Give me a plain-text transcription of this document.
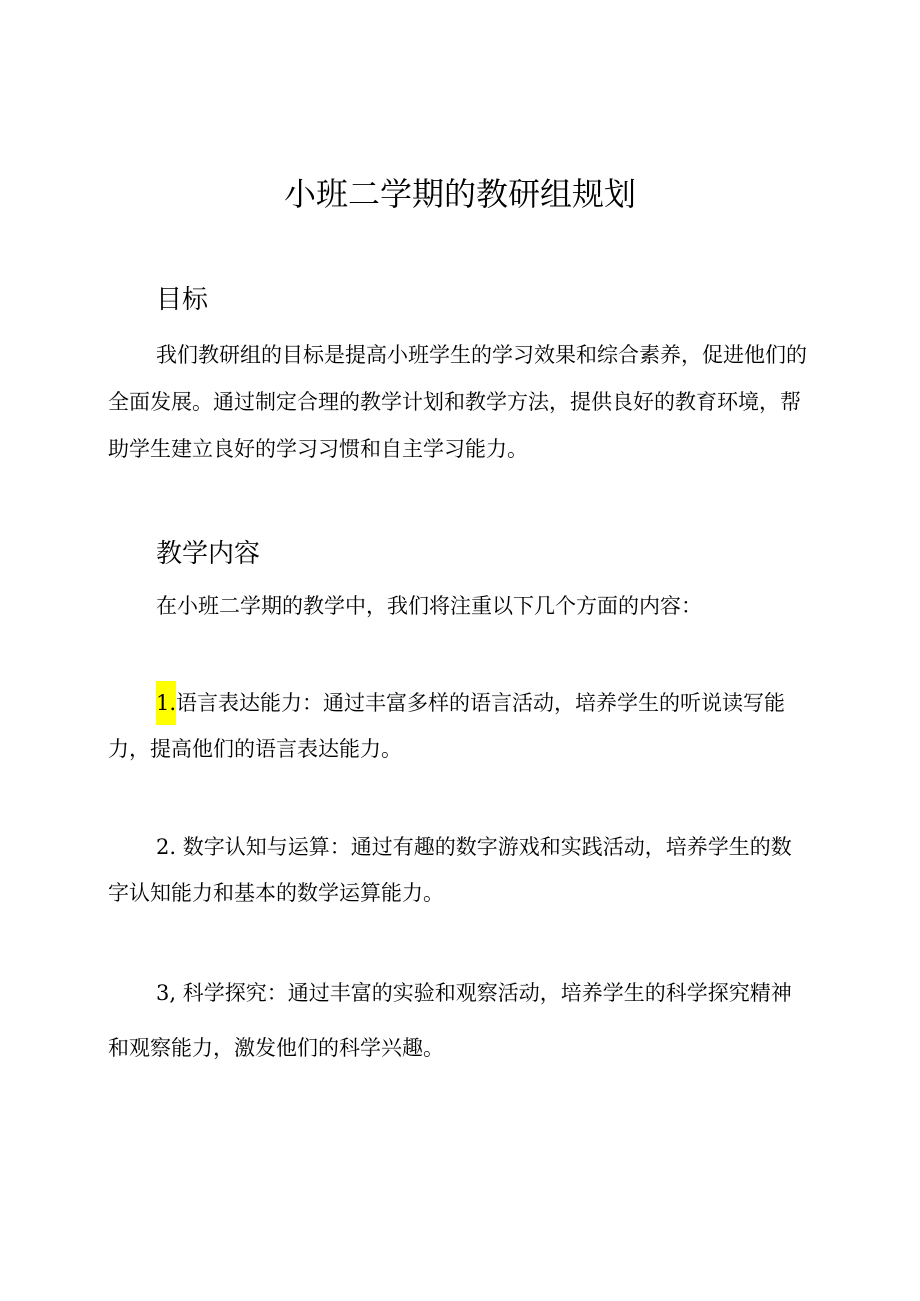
小班二学期的教研组规划
目标

我们教研组的目标是提高小班学生的学习效果和综合素养，促进他们的全面发展。通过制定合理的教学计划和教学方法，提供良好的教育环境，帮助学生建立良好的学习习惯和自主学习能力。

教学内容

在小班二学期的教学中，我们将注重以下几个方面的内容：

1.语言表达能力：通过丰富多样的语言活动，培养学生的听说读写能力，提高他们的语言表达能力。

2. 数字认知与运算：通过有趣的数字游戏和实践活动，培养学生的数字认知能力和基本的数学运算能力。

3, 科学探究：通过丰富的实验和观察活动，培养学生的科学探究精神和观察能力，激发他们的科学兴趣。
